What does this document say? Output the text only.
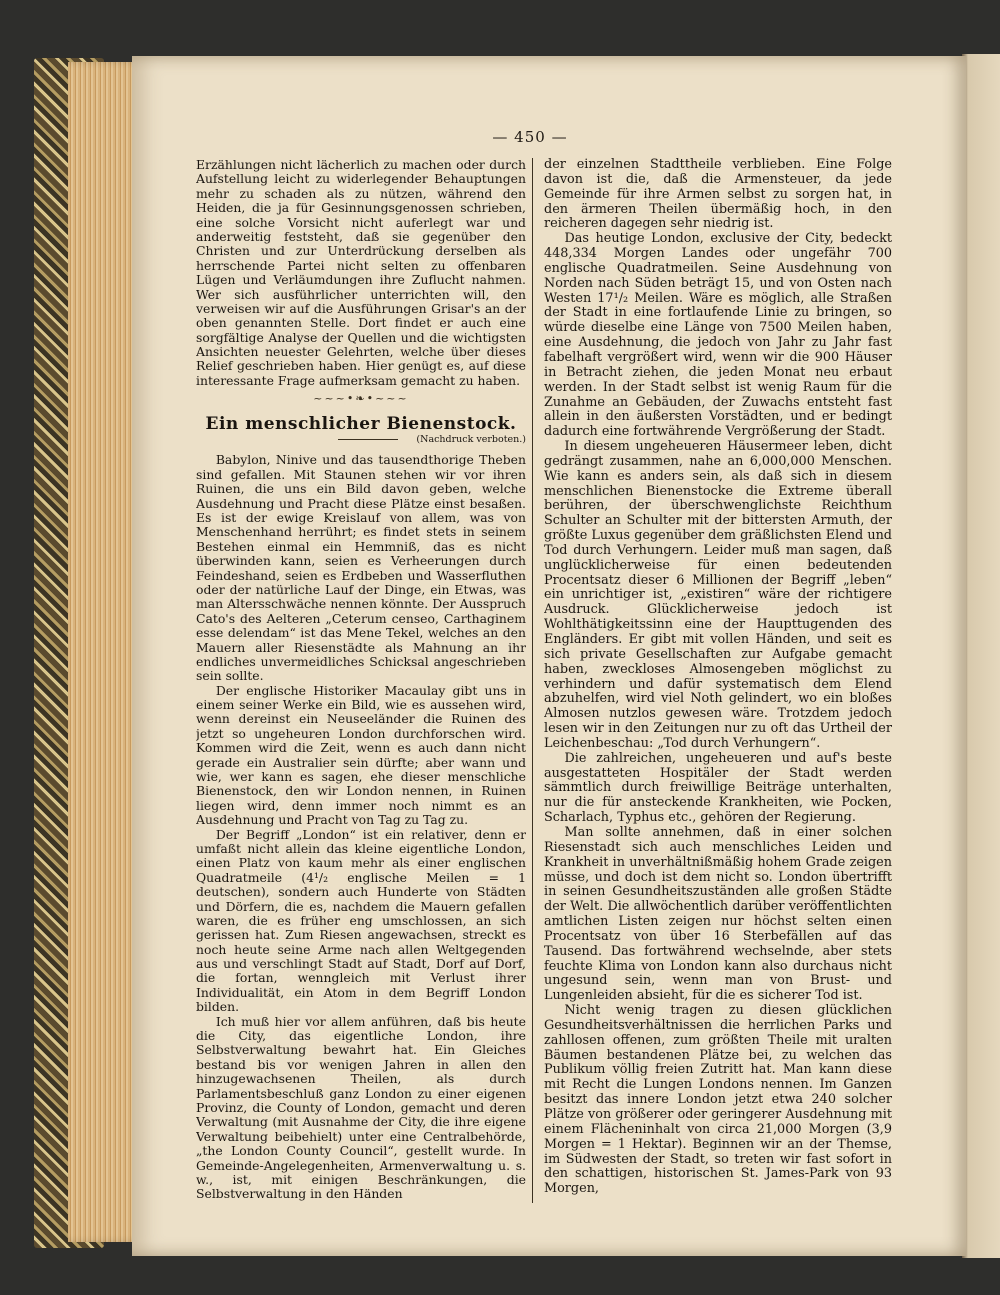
— 450 —

Erzählungen nicht lächerlich zu machen oder durch Aufstellung leicht zu widerlegender Behauptungen mehr zu schaden als zu nützen, während den Heiden, die ja für Gesinnungsgenossen schrieben, eine solche Vorsicht nicht auferlegt war und anderweitig feststeht, daß sie gegenüber den Christen und zur Unterdrückung derselben als herrschende Partei nicht selten zu offenbaren Lügen und Verläumdungen ihre Zuflucht nahmen. Wer sich ausführlicher unterrichten will, den verweisen wir auf die Ausführungen Grisar's an der oben genannten Stelle. Dort findet er auch eine sorgfältige Analyse der Quellen und die wichtigsten Ansichten neuester Gelehrten, welche über dieses Relief geschrieben haben. Hier genügt es, auf diese interessante Frage aufmerksam gemacht zu haben.

~~~•❧•~~~
Ein menschlicher Bienenstock.
(Nachdruck verboten.)

Babylon, Ninive und das tausendthorige Theben sind gefallen. Mit Staunen stehen wir vor ihren Ruinen, die uns ein Bild davon geben, welche Ausdehnung und Pracht diese Plätze einst besaßen. Es ist der ewige Kreislauf von allem, was von Menschenhand herrührt; es findet stets in seinem Bestehen einmal ein Hemmniß, das es nicht überwinden kann, seien es Verheerungen durch Feindeshand, seien es Erdbeben und Wasserfluthen oder der natürliche Lauf der Dinge, ein Etwas, was man Altersschwäche nennen könnte. Der Ausspruch Cato's des Aelteren „Ceterum censeo, Carthaginem esse delendam“ ist das Mene Tekel, welches an den Mauern aller Riesenstädte als Mahnung an ihr endliches unvermeidliches Schicksal angeschrieben sein sollte.

Der englische Historiker Macaulay gibt uns in einem seiner Werke ein Bild, wie es aussehen wird, wenn dereinst ein Neuseeländer die Ruinen des jetzt so ungeheuren London durchforschen wird. Kommen wird die Zeit, wenn es auch dann nicht gerade ein Australier sein dürfte; aber wann und wie, wer kann es sagen, ehe dieser menschliche Bienenstock, den wir London nennen, in Ruinen liegen wird, denn immer noch nimmt es an Ausdehnung und Pracht von Tag zu Tag zu.

Der Begriff „London“ ist ein relativer, denn er umfaßt nicht allein das kleine eigentliche London, einen Platz von kaum mehr als einer englischen Quadratmeile (4¹/₂ englische Meilen = 1 deutschen), sondern auch Hunderte von Städten und Dörfern, die es, nachdem die Mauern gefallen waren, die es früher eng umschlossen, an sich gerissen hat. Zum Riesen angewachsen, streckt es noch heute seine Arme nach allen Weltgegenden aus und verschlingt Stadt auf Stadt, Dorf auf Dorf, die fortan, wenngleich mit Verlust ihrer Individualität, ein Atom in dem Begriff London bilden.

Ich muß hier vor allem anführen, daß bis heute die City, das eigentliche London, ihre Selbstverwaltung bewahrt hat. Ein Gleiches bestand bis vor wenigen Jahren in allen den hinzugewachsenen Theilen, als durch Parlamentsbeschluß ganz London zu einer eigenen Provinz, die County of London, gemacht und deren Verwaltung (mit Ausnahme der City, die ihre eigene Verwaltung beibehielt) unter eine Centralbehörde, „the London County Council“, gestellt wurde. In Gemeinde-Angelegenheiten, Armenverwaltung u. s. w., ist, mit einigen Beschränkungen, die Selbstverwaltung in den Händen

der einzelnen Stadttheile verblieben. Eine Folge davon ist die, daß die Armensteuer, da jede Gemeinde für ihre Armen selbst zu sorgen hat, in den ärmeren Theilen übermäßig hoch, in den reicheren dagegen sehr niedrig ist.

Das heutige London, exclusive der City, bedeckt 448,334 Morgen Landes oder ungefähr 700 englische Quadratmeilen. Seine Ausdehnung von Norden nach Süden beträgt 15, und von Osten nach Westen 17¹/₂ Meilen. Wäre es möglich, alle Straßen der Stadt in eine fortlaufende Linie zu bringen, so würde dieselbe eine Länge von 7500 Meilen haben, eine Ausdehnung, die jedoch von Jahr zu Jahr fast fabelhaft vergrößert wird, wenn wir die 900 Häuser in Betracht ziehen, die jeden Monat neu erbaut werden. In der Stadt selbst ist wenig Raum für die Zunahme an Gebäuden, der Zuwachs entsteht fast allein in den äußersten Vorstädten, und er bedingt dadurch eine fortwährende Vergrößerung der Stadt.

In diesem ungeheueren Häusermeer leben, dicht gedrängt zusammen, nahe an 6,000,000 Menschen. Wie kann es anders sein, als daß sich in diesem menschlichen Bienenstocke die Extreme überall berühren, der überschwenglichste Reichthum Schulter an Schulter mit der bittersten Armuth, der größte Luxus gegenüber dem gräßlichsten Elend und Tod durch Verhungern. Leider muß man sagen, daß unglücklicherweise für einen bedeutenden Procentsatz dieser 6 Millionen der Begriff „leben“ ein unrichtiger ist, „existiren“ wäre der richtigere Ausdruck. Glücklicherweise jedoch ist Wohlthätigkeitssinn eine der Haupttugenden des Engländers. Er gibt mit vollen Händen, und seit es sich private Gesellschaften zur Aufgabe gemacht haben, zweckloses Almosengeben möglichst zu verhindern und dafür systematisch dem Elend abzuhelfen, wird viel Noth gelindert, wo ein bloßes Almosen nutzlos gewesen wäre. Trotzdem jedoch lesen wir in den Zeitungen nur zu oft das Urtheil der Leichenbeschau: „Tod durch Verhungern“.

Die zahlreichen, ungeheueren und auf's beste ausgestatteten Hospitäler der Stadt werden sämmtlich durch freiwillige Beiträge unterhalten, nur die für ansteckende Krankheiten, wie Pocken, Scharlach, Typhus etc., gehören der Regierung.

Man sollte annehmen, daß in einer solchen Riesenstadt sich auch menschliches Leiden und Krankheit in unverhältnißmäßig hohem Grade zeigen müsse, und doch ist dem nicht so. London übertrifft in seinen Gesundheitszuständen alle großen Städte der Welt. Die allwöchentlich darüber veröffentlichten amtlichen Listen zeigen nur höchst selten einen Procentsatz von über 16 Sterbefällen auf das Tausend. Das fortwährend wechselnde, aber stets feuchte Klima von London kann also durchaus nicht ungesund sein, wenn man von Brust- und Lungenleiden absieht, für die es sicherer Tod ist.

Nicht wenig tragen zu diesen glücklichen Gesundheitsverhältnissen die herrlichen Parks und zahllosen offenen, zum größten Theile mit uralten Bäumen bestandenen Plätze bei, zu welchen das Publikum völlig freien Zutritt hat. Man kann diese mit Recht die Lungen Londons nennen. Im Ganzen besitzt das innere London jetzt etwa 240 solcher Plätze von größerer oder geringerer Ausdehnung mit einem Flächeninhalt von circa 21,000 Morgen (3,9 Morgen = 1 Hektar). Beginnen wir an der Themse, im Südwesten der Stadt, so treten wir fast sofort in den schattigen, historischen St. James-Park von 93 Morgen,
